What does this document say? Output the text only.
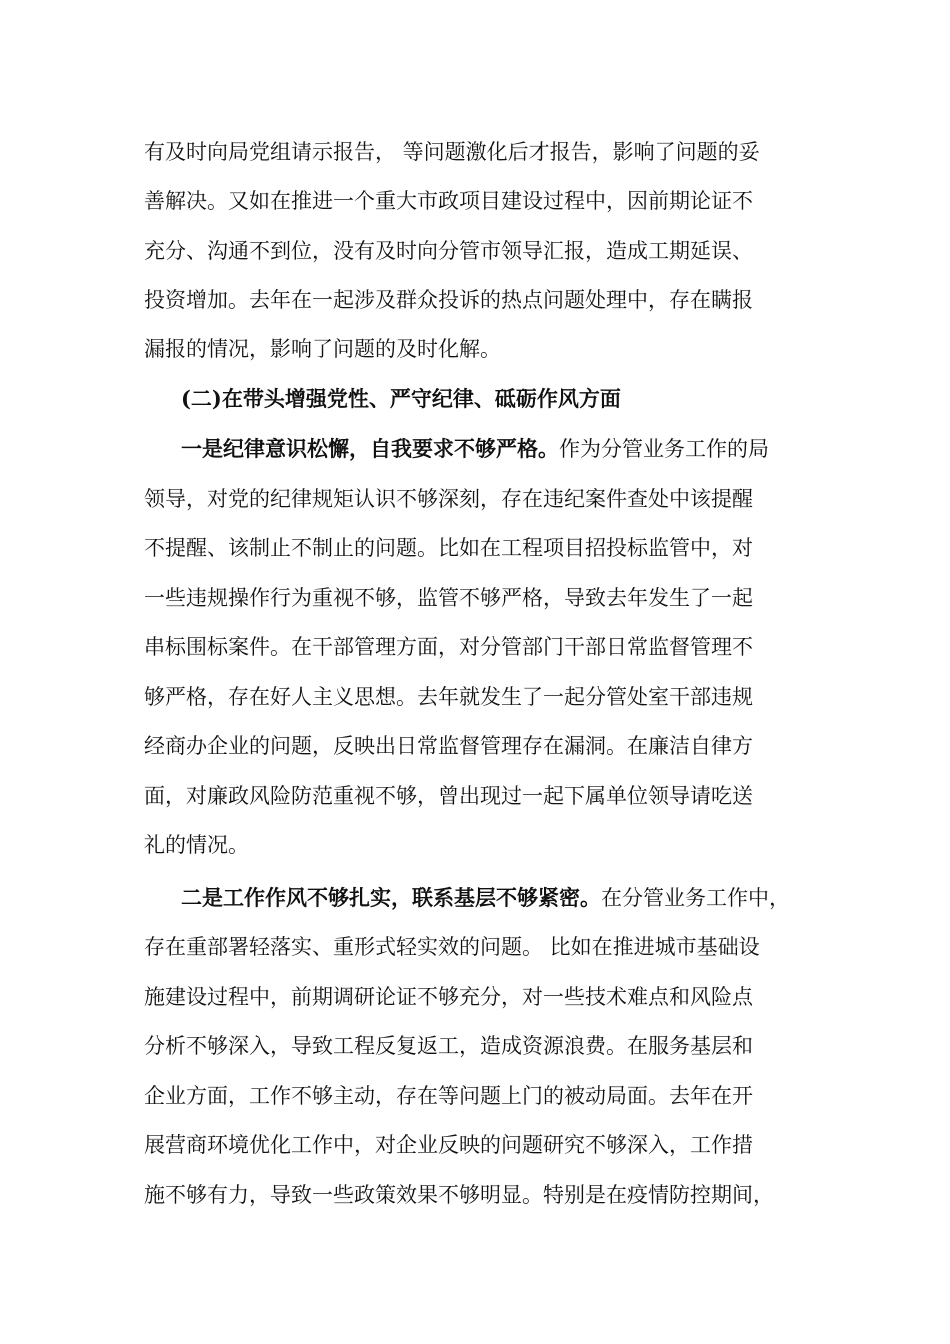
有及时向局党组请示报告， 等问题激化后才报告，影响了问题的妥
善解决。又如在推进一个重大市政项目建设过程中，因前期论证不
充分、沟通不到位，没有及时向分管市领导汇报，造成工期延误、
投资增加。去年在一起涉及群众投诉的热点问题处理中，存在瞒报
漏报的情况，影响了问题的及时化解。
(二)在带头增强党性、严守纪律、砥砺作风方面
一是纪律意识松懈，自我要求不够严格。作为分管业务工作的局
领导，对党的纪律规矩认识不够深刻，存在违纪案件查处中该提醒
不提醒、该制止不制止的问题。比如在工程项目招投标监管中，对
一些违规操作行为重视不够，监管不够严格，导致去年发生了一起
串标围标案件。在干部管理方面，对分管部门干部日常监督管理不
够严格，存在好人主义思想。去年就发生了一起分管处室干部违规
经商办企业的问题，反映出日常监督管理存在漏洞。在廉洁自律方
面，对廉政风险防范重视不够，曾出现过一起下属单位领导请吃送
礼的情况。
二是工作作风不够扎实，联系基层不够紧密。在分管业务工作中，
存在重部署轻落实、重形式轻实效的问题。 比如在推进城市基础设
施建设过程中，前期调研论证不够充分，对一些技术难点和风险点
分析不够深入，导致工程反复返工，造成资源浪费。在服务基层和
企业方面，工作不够主动，存在等问题上门的被动局面。去年在开
展营商环境优化工作中，对企业反映的问题研究不够深入，工作措
施不够有力，导致一些政策效果不够明显。特别是在疫情防控期间，
